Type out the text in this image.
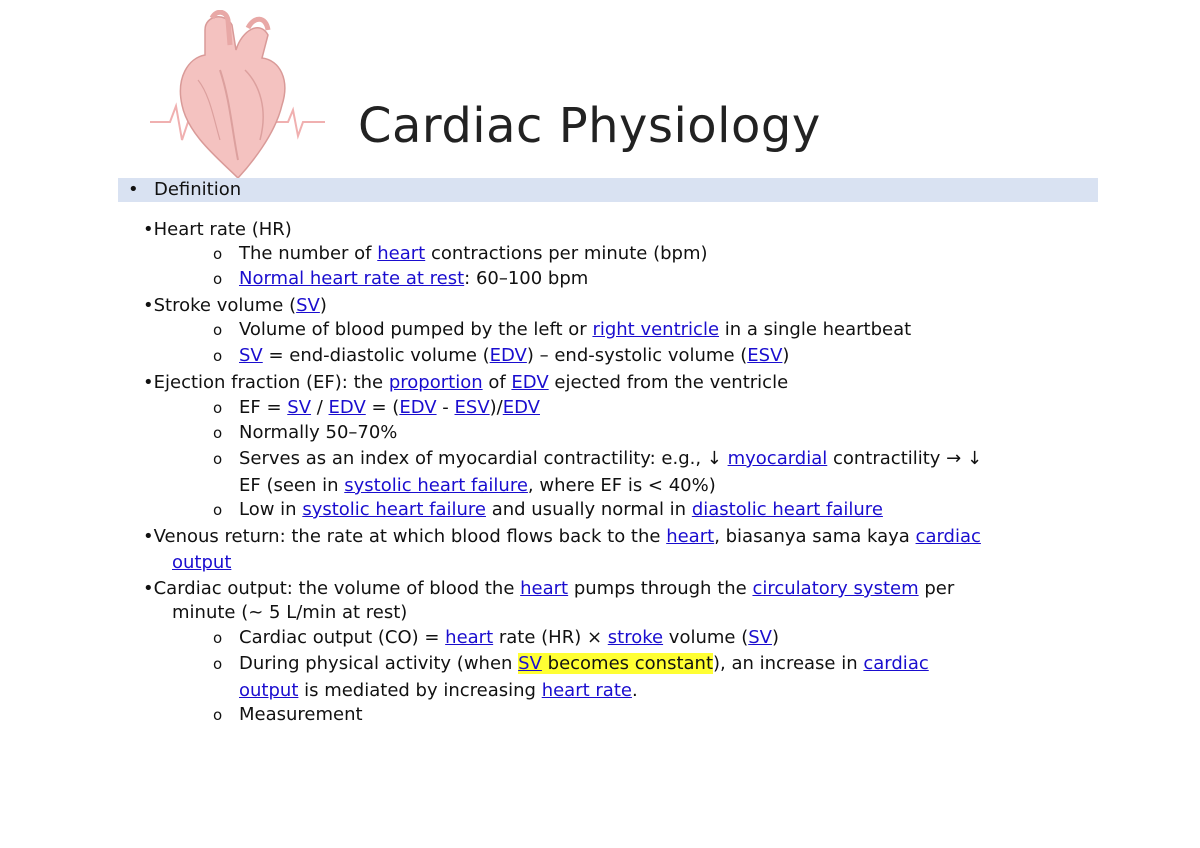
Cardiac Physiology
• Definition
•Heart rate (HR)
o The number of heart contractions per minute (bpm)
o Normal heart rate at rest: 60–100 bpm
•Stroke volume (SV)
o Volume of blood pumped by the left or right ventricle in a single heartbeat
o SV = end-diastolic volume (EDV) – end-systolic volume (ESV)
•Ejection fraction (EF): the proportion of EDV ejected from the ventricle
o EF = SV / EDV = (EDV - ESV)/EDV
o Normally 50–70%
o Serves as an index of myocardial contractility: e.g., ↓ myocardial contractility → ↓
EF (seen in systolic heart failure, where EF is < 40%)
o Low in systolic heart failure and usually normal in diastolic heart failure
•Venous return: the rate at which blood flows back to the heart, biasanya sama kaya cardiac
output
•Cardiac output: the volume of blood the heart pumps through the circulatory system per
minute (~ 5 L/min at rest)
o Cardiac output (CO) = heart rate (HR) × stroke volume (SV)
o During physical activity (when SV becomes constant), an increase in cardiac
output is mediated by increasing heart rate.
o Measurement
